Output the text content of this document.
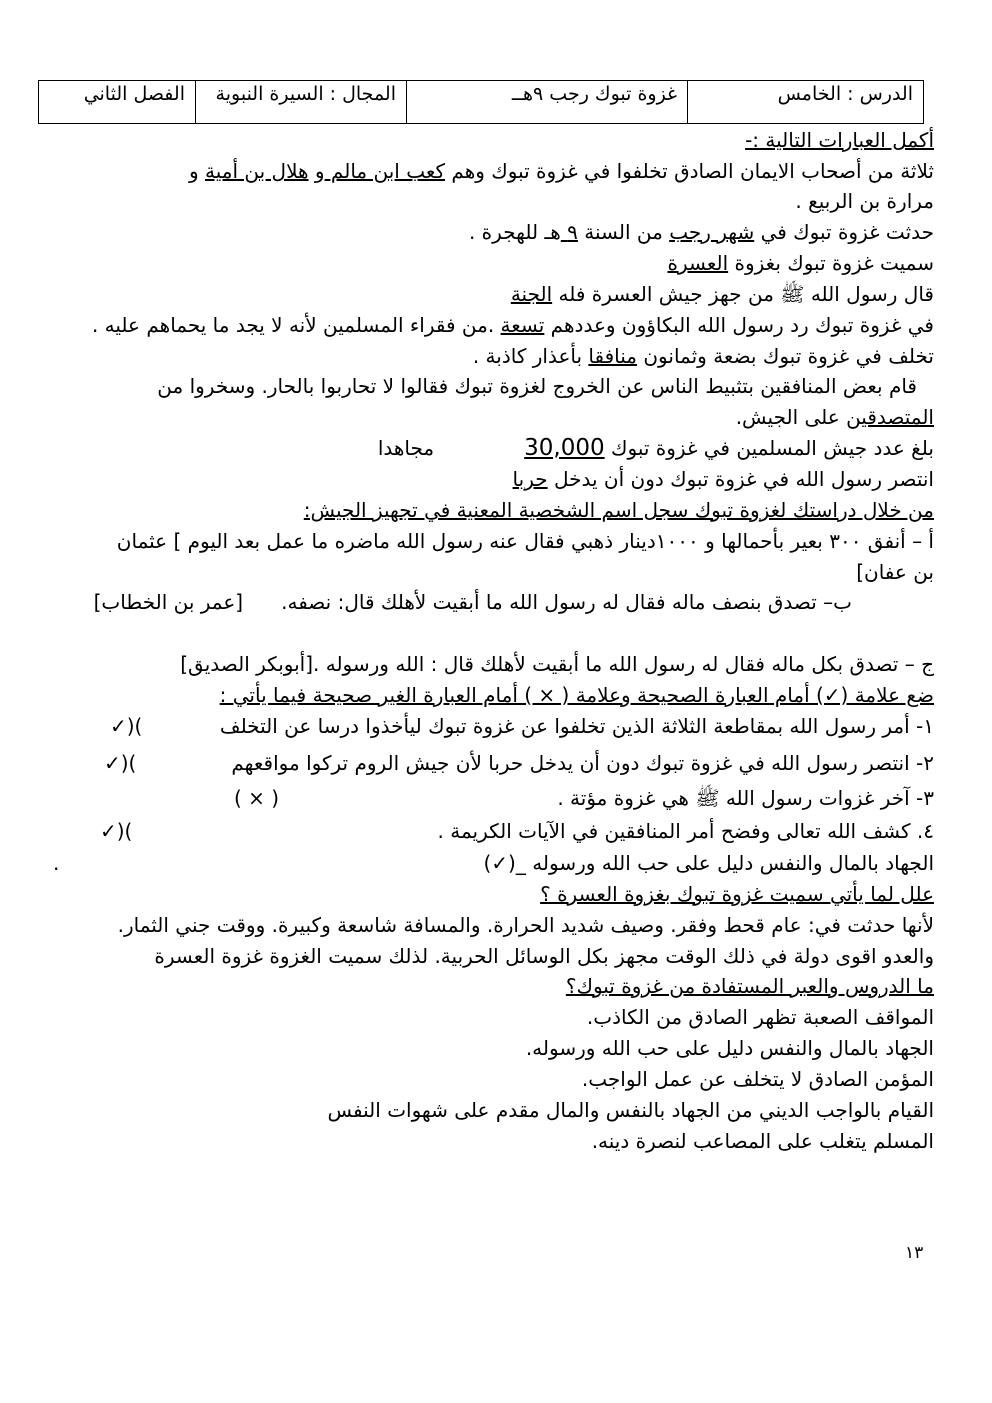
الدرس : الخامس	غزوة تبوك رجب ٩هــ	المجال : السيرة النبوية	الفصل الثاني
أكمل العبارات التالية :-
ثلاثة من أصحاب الايمان الصادق تخلفوا في غزوة تبوك وهم كعب ابن مالم و هلال بن أمية و
مرارة بن الربيع .
حدثت غزوة تبوك في شهر رجب من السنة ٩ هـ للهجرة .
سميت غزوة تبوك بغزوة العسرة
قال رسول الله ﷺ من جهز جيش العسرة فله الجنة
في غزوة تبوك رد رسول الله البكاؤون وعددهم تسعة .من فقراء المسلمين لأنه لا يجد ما يحماهم عليه .
تخلف في غزوة تبوك بضعة وثمانون منافقا بأعذار كاذبة .
قام بعض المنافقين بتثبيط الناس عن الخروج لغزوة تبوك فقالوا لا تحاربوا بالحار. وسخروا من
المتصدقين على الجيش.
بلغ عدد جيش المسلمين في غزوة تبوك 30,000مجاهدا
انتصر رسول الله في غزوة تبوك دون أن يدخل حربا
من خلال دراستك لغزوة تبوك سجل اسم الشخصية المعنية في تجهيز الجيش:
أ – أنفق ٣٠٠ بعير بأحمالها و ١٠٠٠دينار ذهبي فقال عنه رسول الله ماضره ما عمل بعد اليوم ] عثمان
بن عفان]
ب– تصدق بنصف ماله فقال له رسول الله ما أبقيت لأهلك قال: نصفه.[عمر بن الخطاب]
ج – تصدق بكل ماله فقال له رسول الله ما أبقيت لأهلك قال : الله ورسوله .[أبوبكر الصديق]
ضع علامة (✓) أمام العبارة الصحيحة وعلامة ( × ) أمام العبارة الغير صحيحة فيما يأتي :
١- أمر رسول الله بمقاطعة الثلاثة الذين تخلفوا عن غزوة تبوك ليأخذوا درسا عن التخلف
✓)(
٢- انتصر رسول الله في غزوة تبوك دون أن يدخل حربا لأن جيش الروم تركوا مواقعهم
✓)(
٣- آخر غزوات رسول الله ﷺ هي غزوة مؤتة .
( × )
٤. كشف الله تعالى وفضح أمر المنافقين في الآيات الكريمة .
✓)(
الجهاد بالمال والنفس دليل على حب الله ورسوله _(✓)
.
علل لما يأتي سميت غزوة تبوك بغزوة العسرة ؟
لأنها حدثت في: عام قحط وفقر. وصيف شديد الحرارة. والمسافة شاسعة وكبيرة. ووقت جني الثمار.
والعدو اقوى دولة في ذلك الوقت مجهز بكل الوسائل الحربية. لذلك سميت الغزوة غزوة العسرة
ما الدروس والعبر المستفادة من غزوة تبوك؟
المواقف الصعبة تظهر الصادق من الكاذب.
الجهاد بالمال والنفس دليل على حب الله ورسوله.
المؤمن الصادق لا يتخلف عن عمل الواجب.
القيام بالواجب الديني من الجهاد بالنفس والمال مقدم على شهوات النفس
المسلم يتغلب على المصاعب لنصرة دينه.
١٣
